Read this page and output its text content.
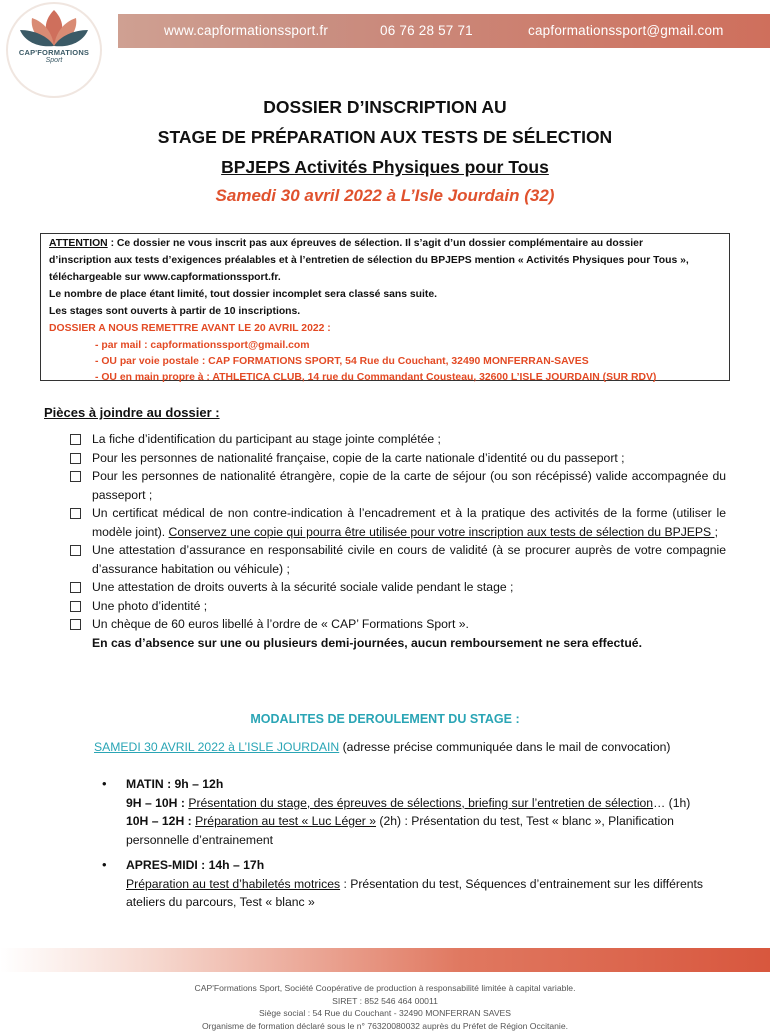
www.capformationssport.fr	06 76 28 57 71	capformationssport@gmail.com
CAP'FORMATIONS
Sport
DOSSIER D’INSCRIPTION AU
STAGE DE PRÉPARATION AUX TESTS DE SÉLECTION
BPJEPS Activités Physiques pour Tous
Samedi 30 avril 2022 à L’Isle Jourdain (32)
ATTENTION : Ce dossier ne vous inscrit pas aux épreuves de sélection. Il s’agit d’un dossier complémentaire au dossier
d’inscription aux tests d’exigences préalables et à l’entretien de sélection du BPJEPS mention « Activités Physiques pour Tous »,
téléchargeable sur www.capformationssport.fr.
Le nombre de place étant limité, tout dossier incomplet sera classé sans suite.
Les stages sont ouverts à partir de 10 inscriptions.
DOSSIER A NOUS REMETTRE AVANT LE 20 AVRIL 2022 :
- par mail : capformationssport@gmail.com
- OU par voie postale : CAP FORMATIONS SPORT, 54 Rue du Couchant, 32490 MONFERRAN-SAVES
- OU en main propre à : ATHLETICA CLUB, 14 rue du Commandant Cousteau, 32600 L’ISLE JOURDAIN (SUR RDV)
Pièces à joindre au dossier :
La fiche d’identification du participant au stage jointe complétée ;
Pour les personnes de nationalité française, copie de la carte nationale d’identité ou du passeport ;
Pour les personnes de nationalité étrangère, copie de la carte de séjour (ou son récépissé) valide accompagnée du passeport ;
Un certificat médical de non contre-indication à l’encadrement et à la pratique des activités de la forme (utiliser le modèle joint). Conservez une copie qui pourra être utilisée pour votre inscription aux tests de sélection du BPJEPS ;
Une attestation d’assurance en responsabilité civile en cours de validité (à se procurer auprès de votre compagnie d’assurance habitation ou véhicule) ;
Une attestation de droits ouverts à la sécurité sociale valide pendant le stage ;
Une photo d’identité ;
Un chèque de 60 euros libellé à l’ordre de « CAP’ Formations Sport ».
En cas d’absence sur une ou plusieurs demi-journées, aucun remboursement ne sera effectué.
MODALITES DE DEROULEMENT DU STAGE :
SAMEDI 30 AVRIL 2022 à L’ISLE JOURDAIN (adresse précise communiquée dans le mail de convocation)
• MATIN : 9h – 12h
9H – 10H : Présentation du stage, des épreuves de sélections, briefing sur l’entretien de sélection… (1h)
10H – 12H : Préparation au test « Luc Léger » (2h) : Présentation du test, Test « blanc », Planification personnelle d’entrainement
• APRES-MIDI : 14h – 17h
Préparation au test d’habiletés motrices : Présentation du test, Séquences d’entrainement sur les différents ateliers du parcours, Test « blanc »
CAP'Formations Sport, Société Coopérative de production à responsabilité limitée à capital variable.
SIRET : 852 546 464 00011
Siège social : 54 Rue du Couchant - 32490 MONFERRAN SAVES
Organisme de formation déclaré sous le n° 76320080032 auprès du Préfet de Région Occitanie.
